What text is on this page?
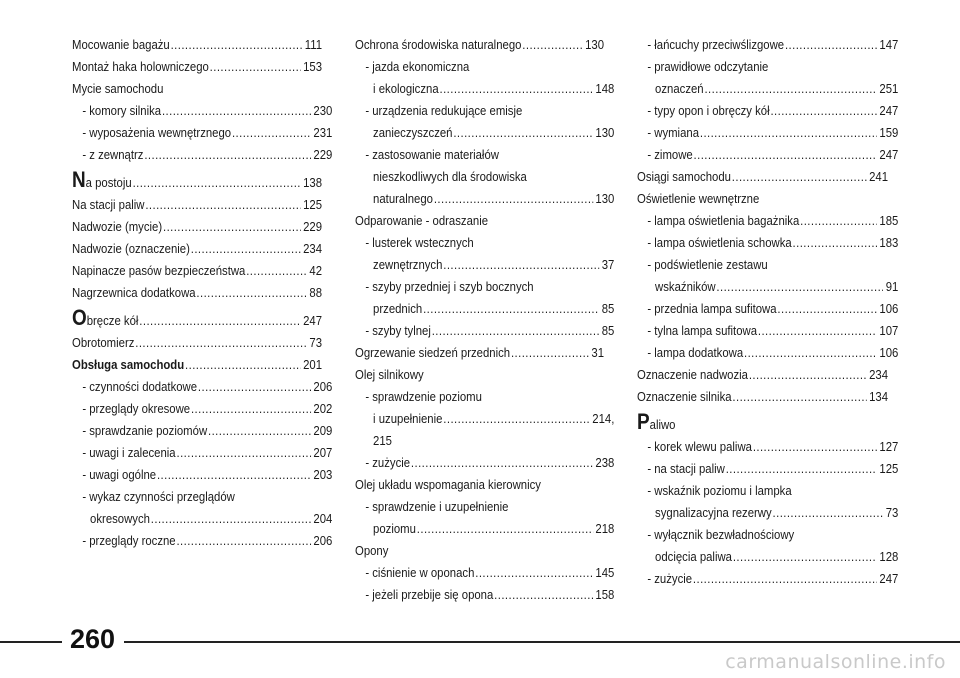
Mocowanie bagażu .....	111
Montaż haka holowniczego .....	153
Mycie samochodu
- komory silnika .....	230
- wyposażenia wewnętrznego .....	231
- z zewnątrz .....	229
Na postoju .....	138
Na stacji paliw .....	125
Nadwozie (mycie) .....	229
Nadwozie (oznaczenie) .....	234
Napinacze pasów bezpieczeństwa .....	42
Nagrzewnica dodatkowa .....	88
Obręcze kół .....	247
Obrotomierz .....	73
Obsługa samochodu .....	201
- czynności dodatkowe .....	206
- przeglądy okresowe .....	202
- sprawdzanie poziomów .....	209
- uwagi i zalecenia .....	207
- uwagi ogólne .....	203
- wykaz czynności przeglądów
okresowych .....	204
- przeglądy roczne .....	206
Ochrona środowiska naturalnego .....	130
- jazda ekonomiczna
i ekologiczna .....	148
- urządzenia redukujące emisje
zanieczyszczeń .....	130
- zastosowanie materiałów
nieszkodliwych dla środowiska
naturalnego .....	130
Odparowanie - odraszanie
- lusterek wstecznych
zewnętrznych .....	37
- szyby przedniej i szyb bocznych
przednich .....	85
- szyby tylnej .....	85
Ogrzewanie siedzeń przednich .....	31
Olej silnikowy
- sprawdzenie poziomu
i uzupełnienie .....	214,
215
- zużycie .....	238
Olej układu wspomagania kierownicy
- sprawdzenie i uzupełnienie
poziomu .....	218
Opony
- ciśnienie w oponach .....	145
- jeżeli przebije się opona .....	158
- łańcuchy przeciwślizgowe .....	147
- prawidłowe odczytanie
oznaczeń .....	251
- typy opon i obręczy kół .....	247
- wymiana .....	159
- zimowe .....	247
Osiągi samochodu .....	241
Oświetlenie wewnętrzne
- lampa oświetlenia bagażnika .....	185
- lampa oświetlenia schowka .....	183
- podświetlenie zestawu
wskaźników .....	91
- przednia lampa sufitowa .....	106
- tylna lampa sufitowa .....	107
- lampa dodatkowa .....	106
Oznaczenie nadwozia .....	234
Oznaczenie silnika .....	134
Paliwo
- korek wlewu paliwa .....	127
- na stacji paliw .....	125
- wskaźnik poziomu i lampka
sygnalizacyjna rezerwy .....	73
- wyłącznik bezwładnościowy
odcięcia paliwa .....	128
- zużycie .....	247
260
carmanualsonline.info
